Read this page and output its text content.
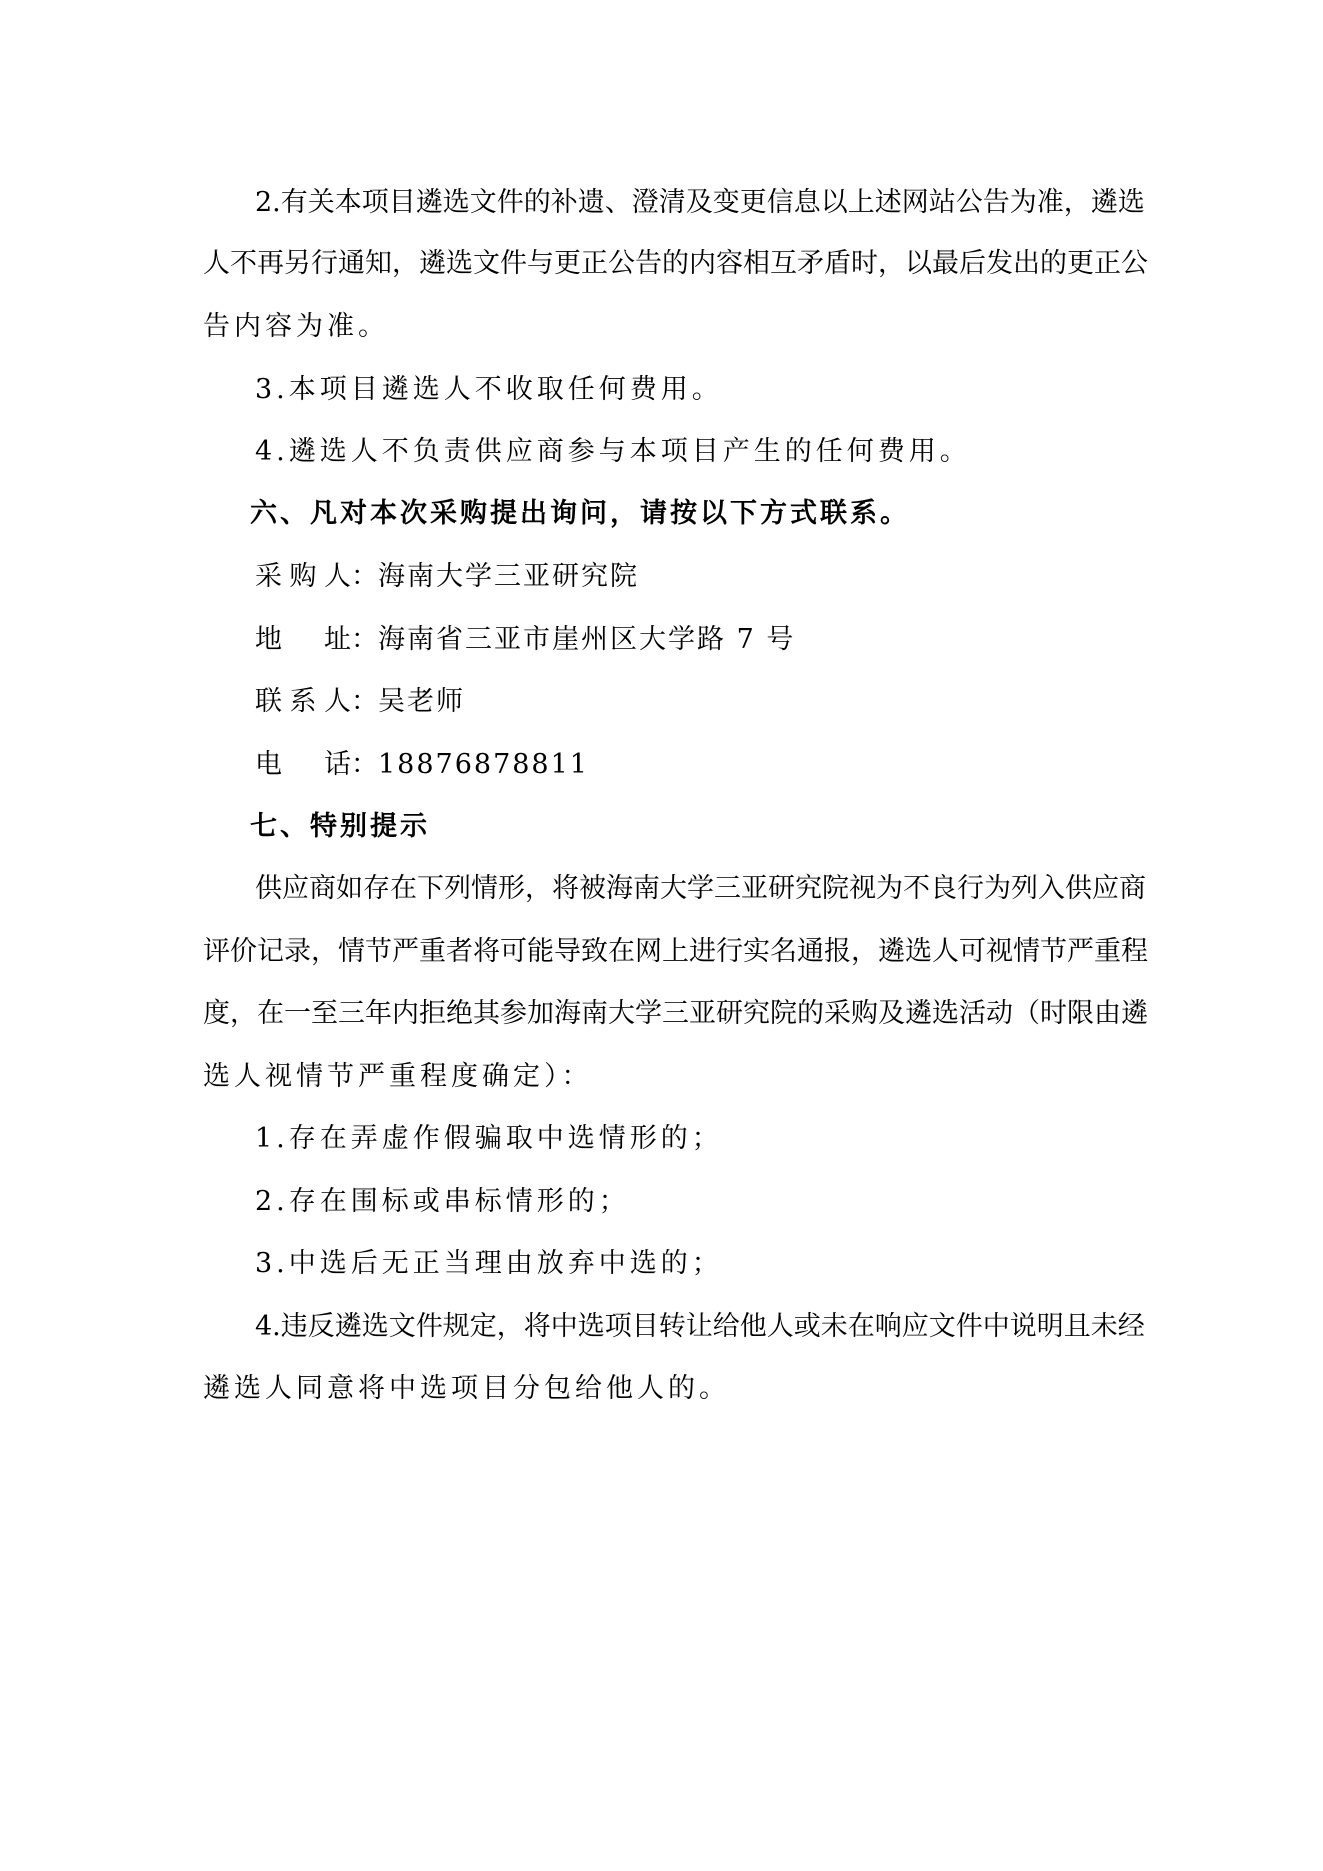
2.有关本项目遴选文件的补遗、澄清及变更信息以上述网站公告为准，遴选
人不再另行通知，遴选文件与更正公告的内容相互矛盾时，以最后发出的更正公
告内容为准。
3.本项目遴选人不收取任何费用。
4.遴选人不负责供应商参与本项目产生的任何费用。
六、凡对本次采购提出询问，请按以下方式联系。
采购人 ： 海南大学三亚研究院
地址 ： 海南省三亚市崖州区大学路 7 号
联系人 ： 吴老师
电话 ： 18876878811
七、特别提示
供应商如存在下列情形，将被海南大学三亚研究院视为不良行为列入供应商
评价记录，情节严重者将可能导致在网上进行实名通报，遴选人可视情节严重程
度，在一至三年内拒绝其参加海南大学三亚研究院的采购及遴选活动（时限由遴
选人视情节严重程度确定）：
1.存在弄虚作假骗取中选情形的；
2.存在围标或串标情形的；
3.中选后无正当理由放弃中选的；
4.违反遴选文件规定，将中选项目转让给他人或未在响应文件中说明且未经
遴选人同意将中选项目分包给他人的。
